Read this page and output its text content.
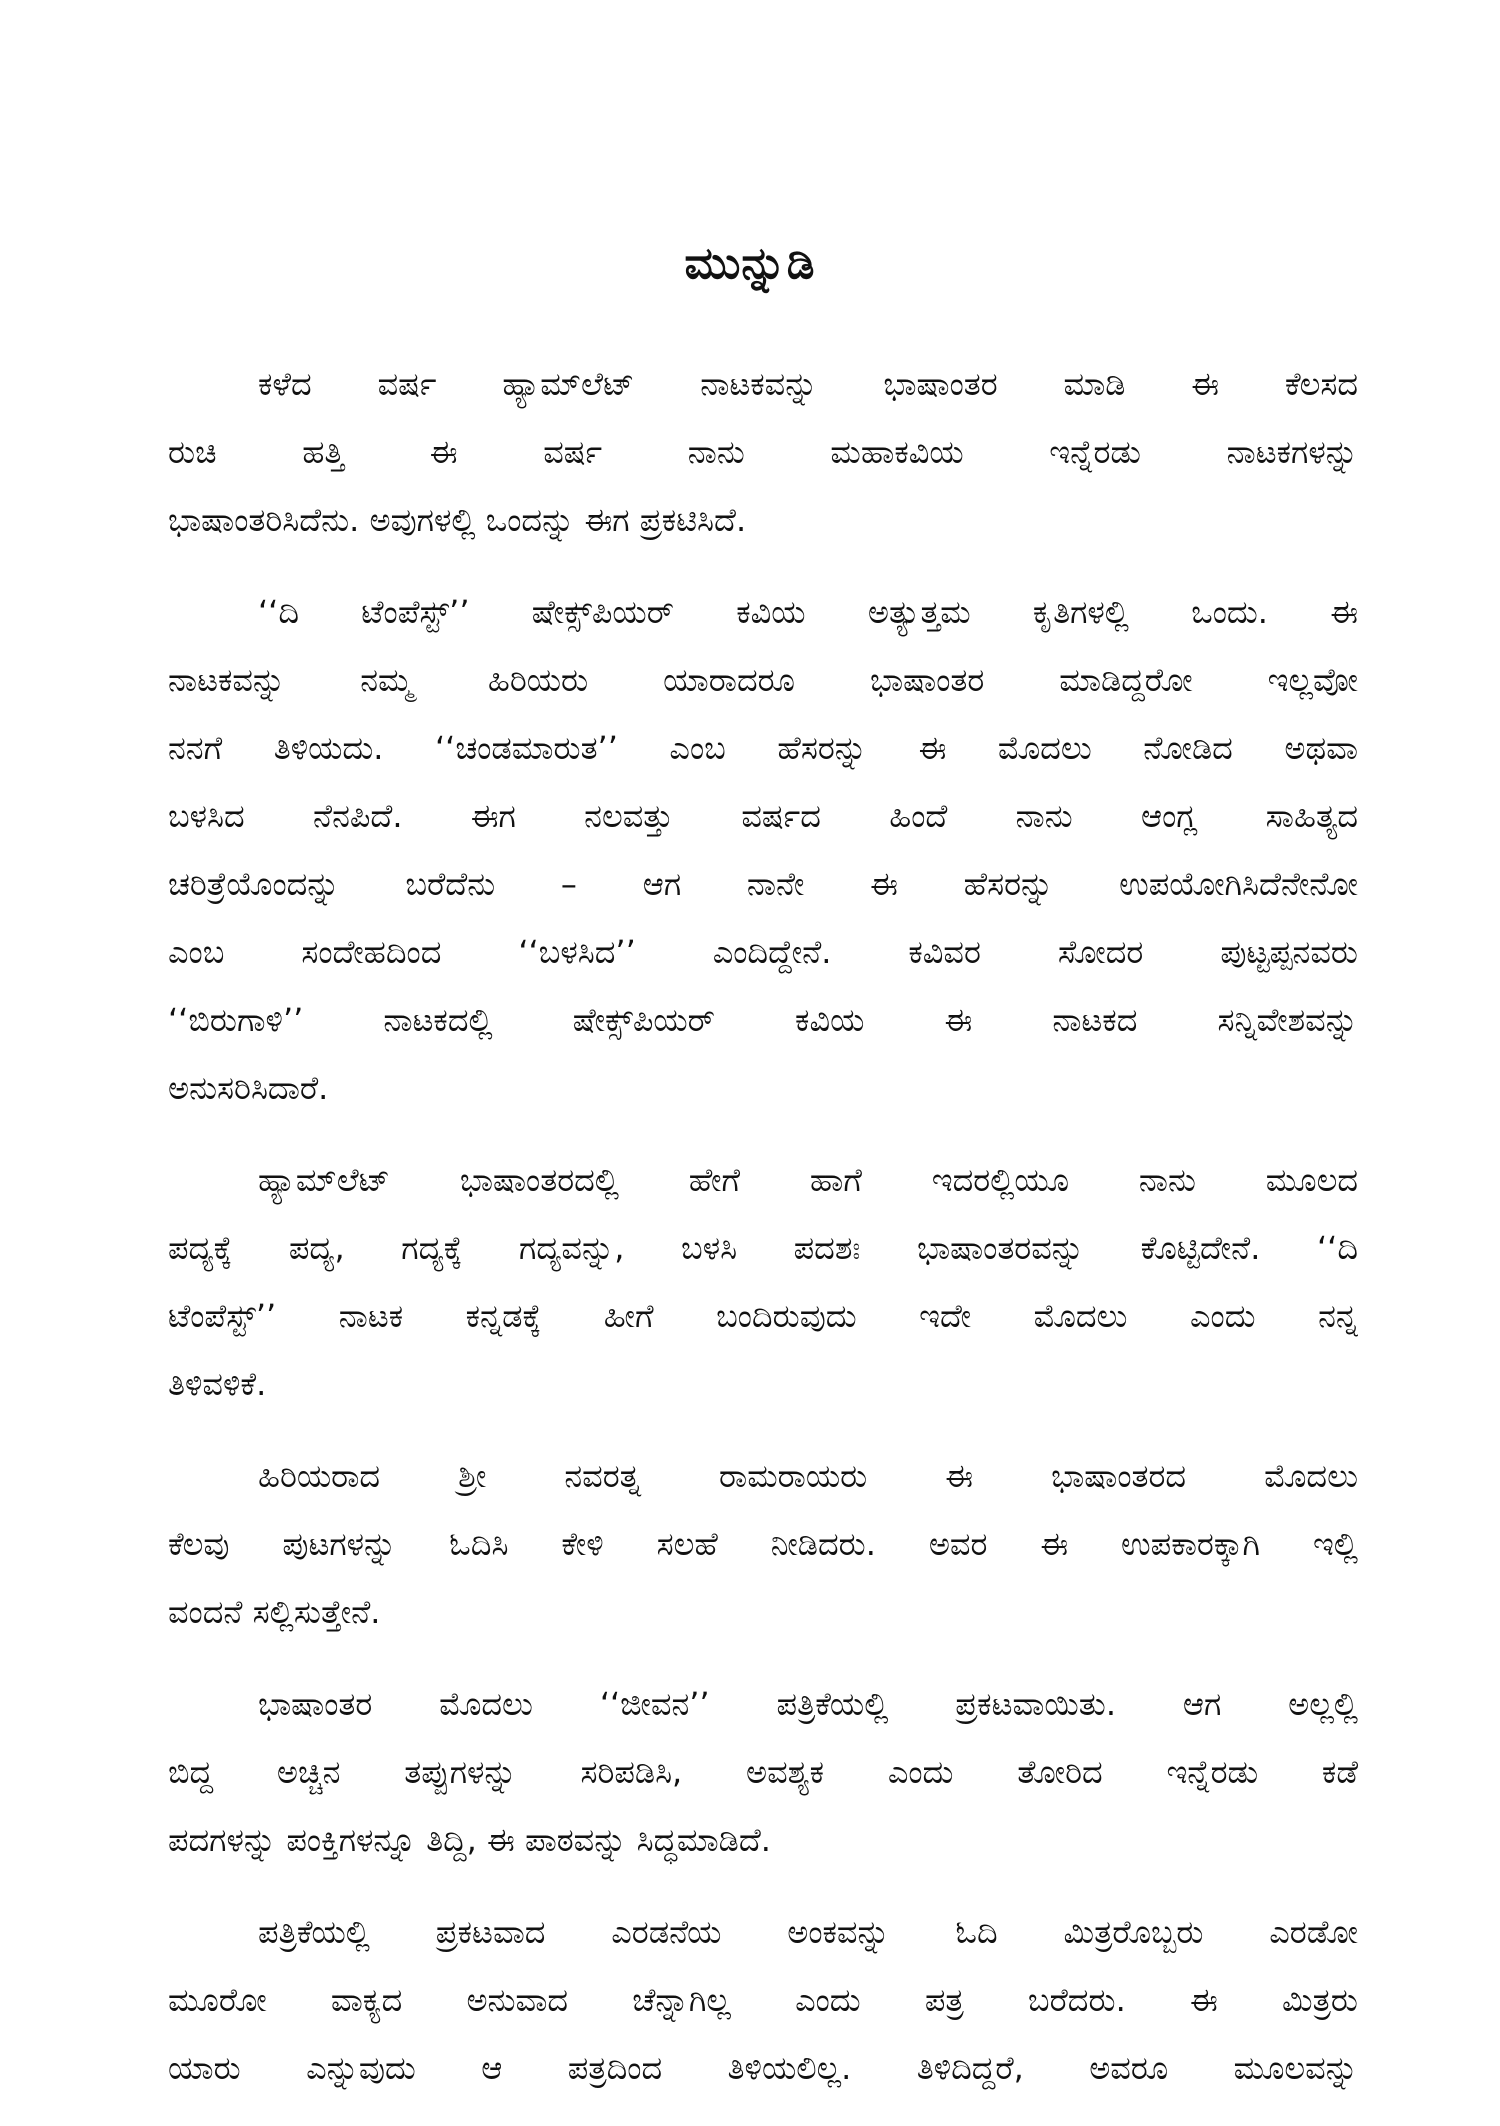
ಮುನ್ನುಡಿ
ಕಳೆದ ವರ್ಷ ಹ್ಯಾಮ್‌ಲೆಟ್ ನಾಟಕವನ್ನು ಭಾಷಾಂತರ ಮಾಡಿ ಈ ಕೆಲಸದ
ರುಚಿ ಹತ್ತಿ ಈ ವರ್ಷ ನಾನು ಮಹಾಕವಿಯ ಇನ್ನೆರಡು ನಾಟಕಗಳನ್ನು
ಭಾಷಾಂತರಿಸಿದೆನು. ಅವುಗಳಲ್ಲಿ ಒಂದನ್ನು ಈಗ ಪ್ರಕಟಿಸಿದೆ.
‘‘ದಿ ಟೆಂಪೆಸ್ಟ್’’ ಷೇಕ್ಸ್‌ಪಿಯರ್ ಕವಿಯ ಅತ್ಯುತ್ತಮ ಕೃತಿಗಳಲ್ಲಿ ಒಂದು. ಈ
ನಾಟಕವನ್ನು ನಮ್ಮ ಹಿರಿಯರು ಯಾರಾದರೂ ಭಾಷಾಂತರ ಮಾಡಿದ್ದರೋ ಇಲ್ಲವೋ
ನನಗೆ ತಿಳಿಯದು. ‘‘ಚಂಡಮಾರುತ’’ ಎಂಬ ಹೆಸರನ್ನು ಈ ಮೊದಲು ನೋಡಿದ ಅಥವಾ
ಬಳಸಿದ ನೆನಪಿದೆ. ಈಗ ನಲವತ್ತು ವರ್ಷದ ಹಿಂದೆ ನಾನು ಆಂಗ್ಲ ಸಾಹಿತ್ಯದ
ಚರಿತ್ರೆಯೊಂದನ್ನು ಬರೆದೆನು – ಆಗ ನಾನೇ ಈ ಹೆಸರನ್ನು ಉಪಯೋಗಿಸಿದೆನೇನೋ
ಎಂಬ ಸಂದೇಹದಿಂದ ‘‘ಬಳಸಿದ’’ ಎಂದಿದ್ದೇನೆ. ಕವಿವರ ಸೋದರ ಪುಟ್ಟಪ್ಪನವರು
‘‘ಬಿರುಗಾಳಿ’’ ನಾಟಕದಲ್ಲಿ ಷೇಕ್ಸ್‌ಪಿಯರ್ ಕವಿಯ ಈ ನಾಟಕದ ಸನ್ನಿವೇಶವನ್ನು
ಅನುಸರಿಸಿದಾರೆ.
ಹ್ಯಾಮ್‌ಲೆಟ್ ಭಾಷಾಂತರದಲ್ಲಿ ಹೇಗೆ ಹಾಗೆ ಇದರಲ್ಲಿಯೂ ನಾನು ಮೂಲದ
ಪದ್ಯಕ್ಕೆ ಪದ್ಯ, ಗದ್ಯಕ್ಕೆ ಗದ್ಯವನ್ನು, ಬಳಸಿ ಪದಶಃ ಭಾಷಾಂತರವನ್ನು ಕೊಟ್ಟಿದೇನೆ. ‘‘ದಿ
ಟೆಂಪೆಸ್ಟ್’’ ನಾಟಕ ಕನ್ನಡಕ್ಕೆ ಹೀಗೆ ಬಂದಿರುವುದು ಇದೇ ಮೊದಲು ಎಂದು ನನ್ನ
ತಿಳಿವಳಿಕೆ.
ಹಿರಿಯರಾದ ಶ್ರೀ ನವರತ್ನ ರಾಮರಾಯರು ಈ ಭಾಷಾಂತರದ ಮೊದಲು
ಕೆಲವು ಪುಟಗಳನ್ನು ಓದಿಸಿ ಕೇಳಿ ಸಲಹೆ ನೀಡಿದರು. ಅವರ ಈ ಉಪಕಾರಕ್ಕಾಗಿ ಇಲ್ಲಿ
ವಂದನೆ ಸಲ್ಲಿಸುತ್ತೇನೆ.
ಭಾಷಾಂತರ ಮೊದಲು ‘‘ಜೀವನ’’ ಪತ್ರಿಕೆಯಲ್ಲಿ ಪ್ರಕಟವಾಯಿತು. ಆಗ ಅಲ್ಲಲ್ಲಿ
ಬಿದ್ದ ಅಚ್ಚಿನ ತಪ್ಪುಗಳನ್ನು ಸರಿಪಡಿಸಿ, ಅವಶ್ಯಕ ಎಂದು ತೋರಿದ ಇನ್ನೆರಡು ಕಡೆ
ಪದಗಳನ್ನು ಪಂಕ್ತಿಗಳನ್ನೂ ತಿದ್ದಿ, ಈ ಪಾಠವನ್ನು ಸಿದ್ಧಮಾಡಿದೆ.
ಪತ್ರಿಕೆಯಲ್ಲಿ ಪ್ರಕಟವಾದ ಎರಡನೆಯ ಅಂಕವನ್ನು ಓದಿ ಮಿತ್ರರೊಬ್ಬರು ಎರಡೋ
ಮೂರೋ ವಾಕ್ಯದ ಅನುವಾದ ಚೆನ್ನಾಗಿಲ್ಲ ಎಂದು ಪತ್ರ ಬರೆದರು. ಈ ಮಿತ್ರರು
ಯಾರು ಎನ್ನುವುದು ಆ ಪತ್ರದಿಂದ ತಿಳಿಯಲಿಲ್ಲ. ತಿಳಿದಿದ್ದರೆ, ಅವರೂ ಮೂಲವನ್ನು
